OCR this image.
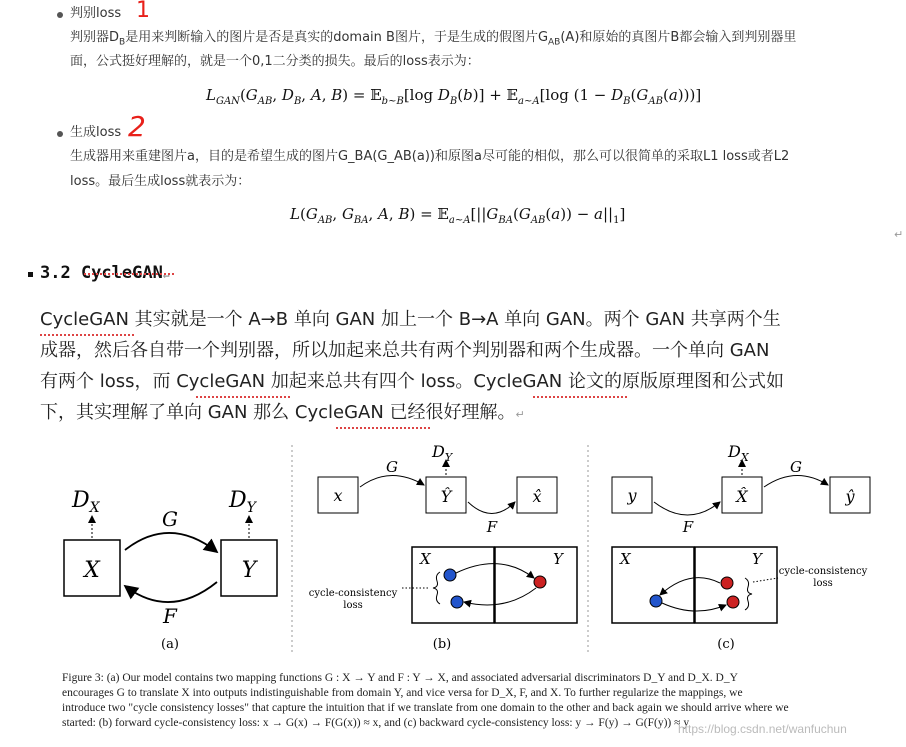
判别loss 1
判别器$D_B$是用来判断输入的图片是否是真实的domain B图片，于是生成的假图片$G_{AB}(A)$和原始的真图片B都会输入到判别器里
面，公式挺好理解的，就是一个0,1二分类的损失。最后的loss表示为：
$L_{GAN}(G_{AB}$, $D_B$, A, B) = 𝔼$_{b\sim B}$[log $D_B(b)$] + 𝔼$_{a\sim A}$[log $(1 - D_B(G_{AB}(a)))$]
生成loss 2
生成器用来重建图片a，目的是希望生成的图片G_BA(G_AB(a))和原图a尽可能的相似，那么可以很简单的采取L1 loss或者L2
loss。最后生成loss就表示为：
$L(G_{AB}$, $G_{BA}$, A, $B) = 𝔼_{a\sim A}[||G_{BA}(G_{AB}(a)) - a||_1]$
↵
3.2 CycleGAN↵
CycleGAN 其实就是一个 A→B 单向 GAN 加上一个 B→A 单向 GAN。两个 GAN 共享两个生
成器，然后各自带一个判别器，所以加起来总共有两个判别器和两个生成器。一个单向 GAN
有两个 loss，而 CycleGAN 加起来总共有四个 loss。CycleGAN 论文的原版原理图和公式如
下，其实理解了单向 GAN 那么 CycleGAN 已经很好理解。↵
X	Y
$D_X$	$D_Y$
G
F
(a)
x	Ŷ	x̂
$D_Y$
G
F
X	Y
cycle-consistency
loss
(b)
y	X̂	ŷ
$D_X$
F
G
X	Y
cycle-consistency
loss
(c)
Figure 3: (a) Our model contains two mapping functions G : X → Y and F : Y → X, and associated adversarial discriminators D_Y and D_X. D_Y
encourages G to translate X into outputs indistinguishable from domain Y, and vice versa for D_X, F, and X. To further regularize the mappings, we
introduce two "cycle consistency losses" that capture the intuition that if we translate from one domain to the other and back again we should arrive where we
started: (b) forward cycle-consistency loss: x → G(x) → F(G(x)) ≈ x, and (c) backward cycle-consistency loss: y → F(y) → G(F(y)) ≈ y
https://blog.csdn.net/wanfuchun
